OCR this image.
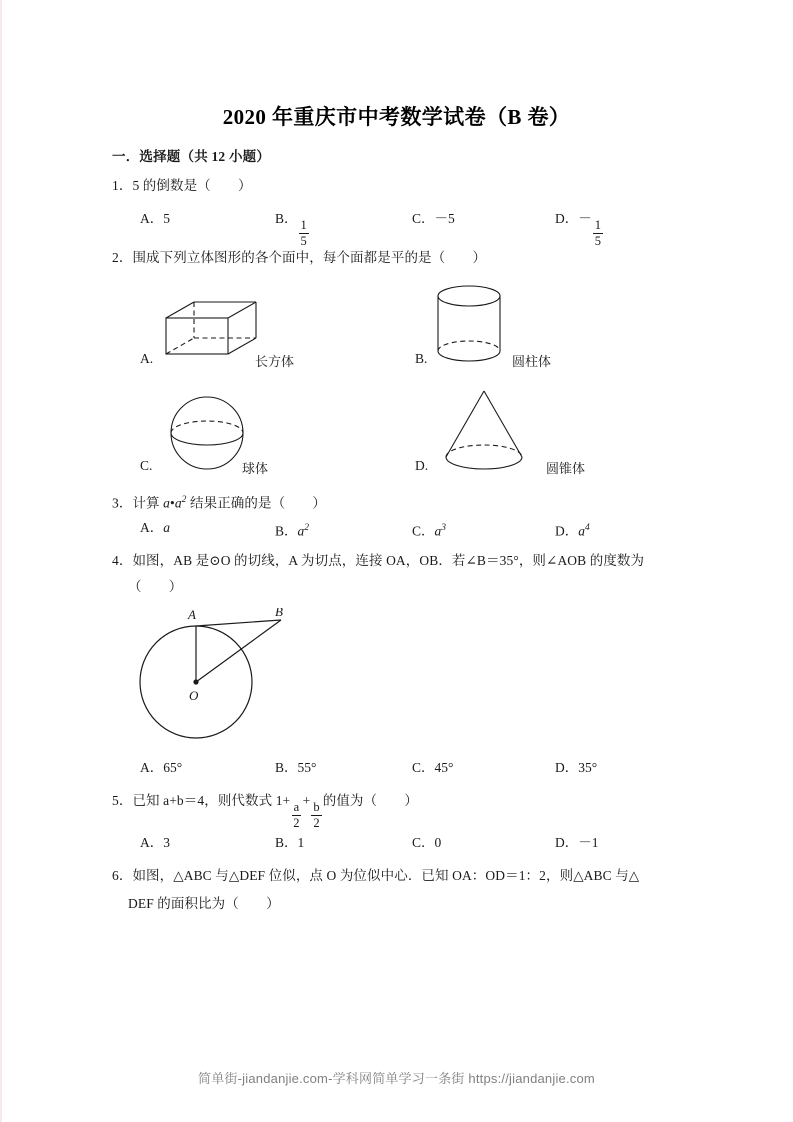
2020 年重庆市中考数学试卷（B 卷）
一．选择题（共 12 小题）
1．5 的倒数是（　　）
A．5	B．
$\frac{1}{5}$
C．－5	D．－
$\frac{1}{5}$
2．围成下列立体图形的各个面中，每个面都是平的是（　　）
A.	长方体	B.	圆柱体
C.	球体	D.	圆锥体
3．计算 $a•a^2$ 结果正确的是（　　）
A．a	B．$a^2$	C．$a^3$	D．$a^4$
4．如图，AB 是⊙O 的切线，A 为切点，连接 OA，OB．若∠B＝35°，则∠AOB 的度数为
（　　）
A	B
O
A．65°	B．55°	C．45°	D．35°
5．已知 a+b＝4，则代数式 1+
$\frac{a}{2}$
+
$\frac{b}{2}$
的值为（　　）
A．3	B．1	C．0	D．－1
6．如图，△ABC 与△DEF 位似，点 O 为位似中心．已知 OA：OD＝1：2，则△ABC 与△
DEF 的面积比为（　　）
简单街-jiandanjie.com-学科网简单学习一条街 https://jiandanjie.com
